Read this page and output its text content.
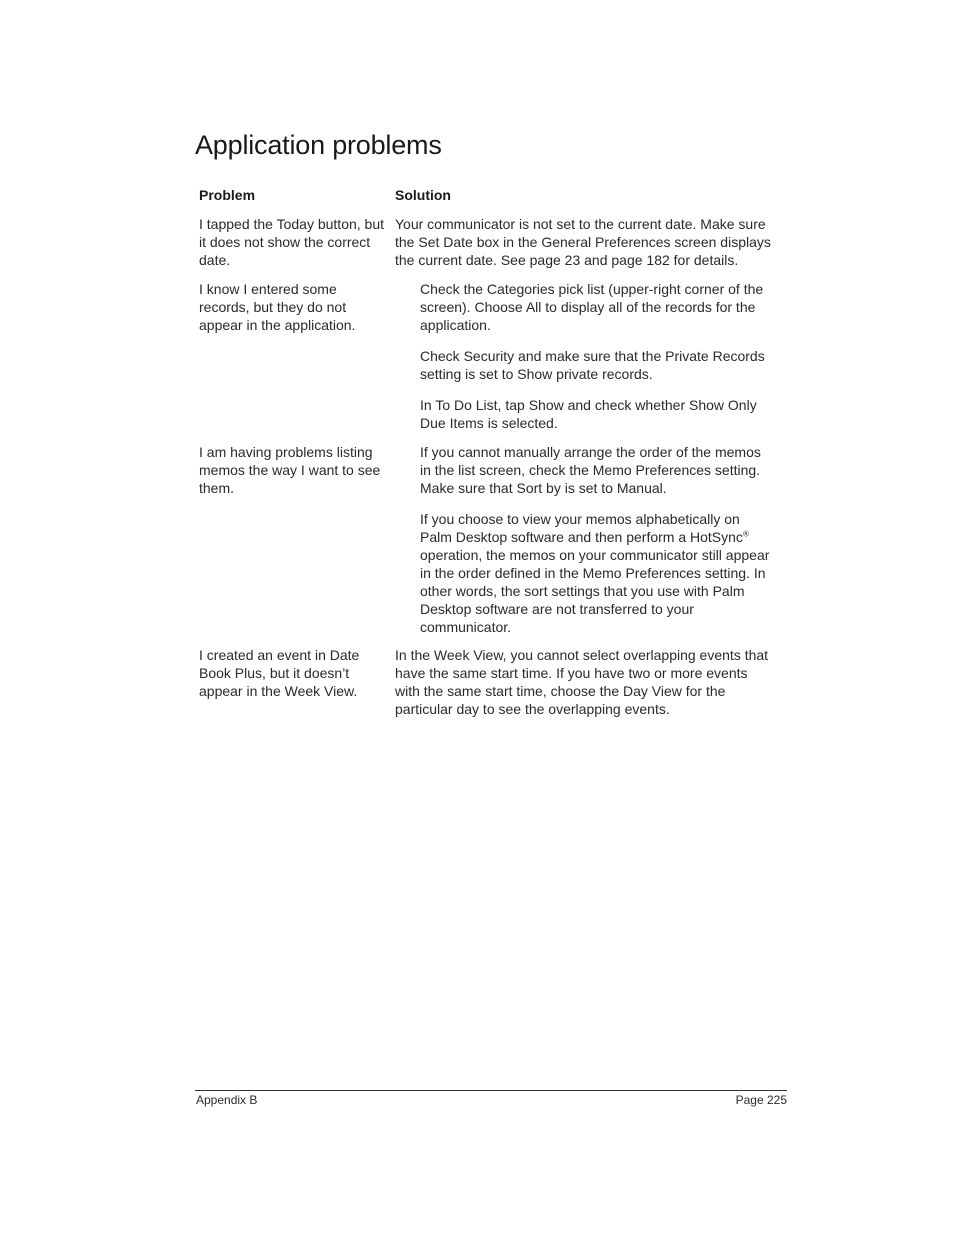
Application problems
Problem	Solution
I tapped the Today button, but it does not show the correct date.
Your communicator is not set to the current date. Make sure the Set Date box in the General Preferences screen displays the current date. See page 23 and page 182 for details.
I know I entered some records, but they do not appear in the application.
Check the Categories pick list (upper-right corner of the screen). Choose All to display all of the records for the application.
Check Security and make sure that the Private Records setting is set to Show private records.
In To Do List, tap Show and check whether Show Only Due Items is selected.
I am having problems listing memos the way I want to see them.
If you cannot manually arrange the order of the memos in the list screen, check the Memo Preferences setting. Make sure that Sort by is set to Manual.
If you choose to view your memos alphabetically on Palm Desktop software and then perform a HotSync® operation, the memos on your communicator still appear in the order defined in the Memo Preferences setting. In other words, the sort settings that you use with Palm Desktop software are not transferred to your communicator.
I created an event in Date Book Plus, but it doesn’t appear in the Week View.
In the Week View, you cannot select overlapping events that have the same start time. If you have two or more events with the same start time, choose the Day View for the particular day to see the overlapping events.
Appendix B	Page 225
